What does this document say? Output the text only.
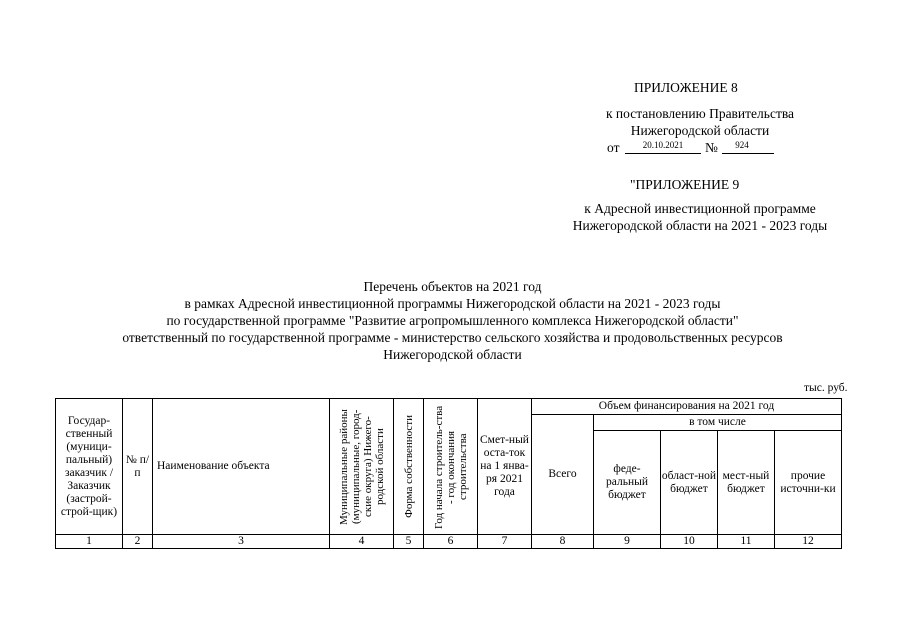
ПРИЛОЖЕНИЕ 8
к постановлению Правительства
Нижегородской области
от	20.10.2021	№	924
"ПРИЛОЖЕНИЕ 9
к Адресной инвестиционной программе
Нижегородской области на 2021 - 2023 годы
Перечень объектов на 2021 год
в рамках Адресной инвестиционной программы Нижегородской области на 2021 - 2023 годы
по государственной программе "Развитие агропромышленного комплекса Нижегородской области"
ответственный по государственной программе - министерство сельского хозяйства и продовольственных ресурсов
Нижегородской области
тыс. руб.
Государ-ственный (муници-пальный) заказчик / Заказчик (застрой-строй-щик)	№ п/п	Наименование объекта	Муниципальные районы (муниципальные, город-ские округа) Нижего-родской области	Форма собственности	Год начала строитель-ства - год окончания строительства	Смет-ный оста-ток на 1 янва-ря 2021 года	Объем финансирования на 2021 год				
							Всего	в том числе			
								феде-ральный бюджет	област-ной бюджет	мест-ный бюджет	прочие источни-ки
1	2	3	4	5	6	7	8	9	10	11	12
